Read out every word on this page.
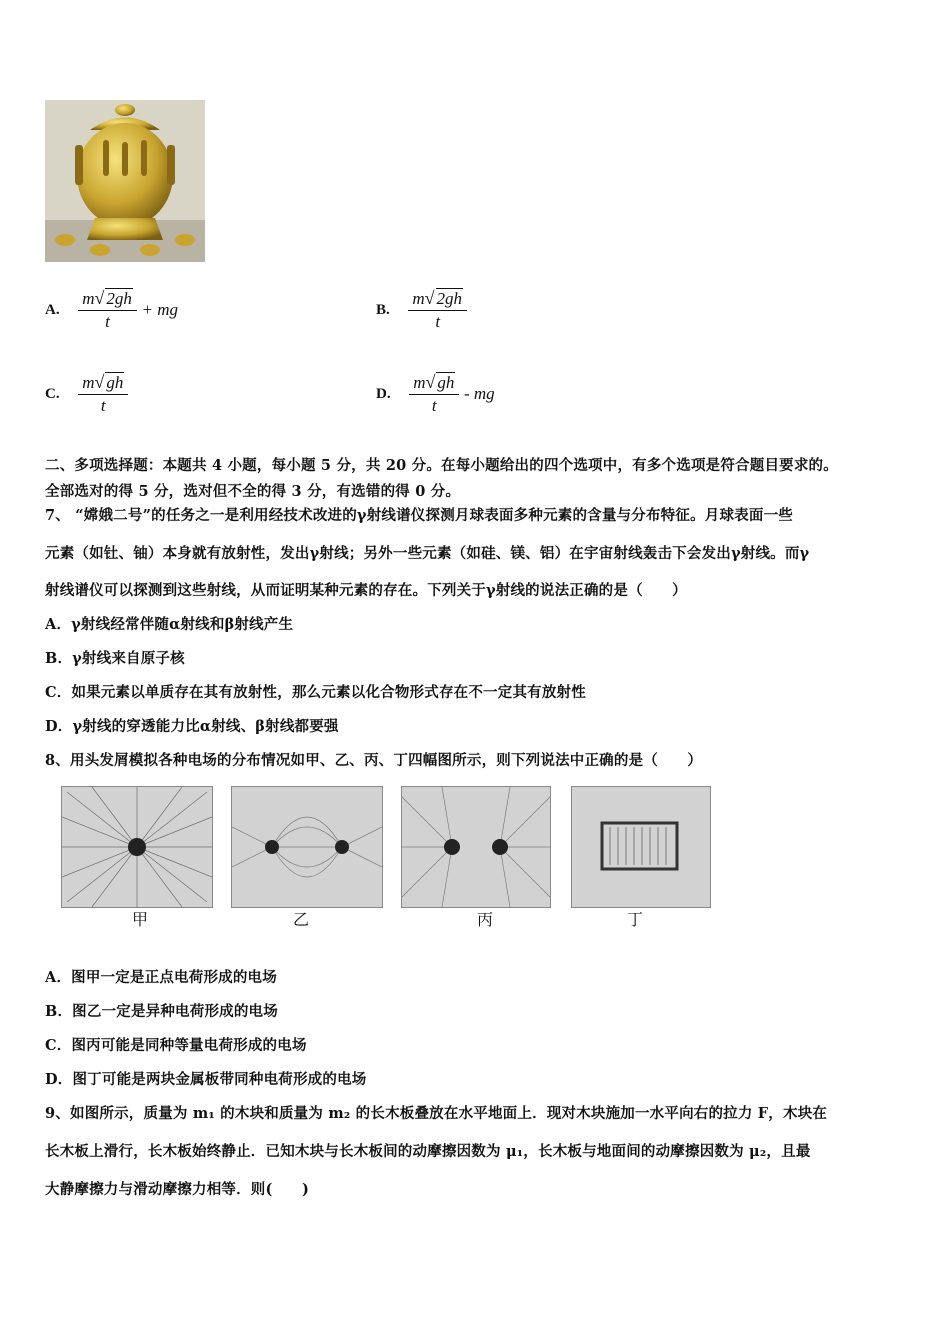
A. $\frac{m√ 2gh}{t}$ + mg	B. $\frac{m√ 2gh}{t}$
C. $\frac{m√ gh}{t}$	D. $\frac{m√ gh}{t}$ - mg
二、多项选择题：本题共 4 小题，每小题 5 分，共 20 分。在每小题给出的四个选项中，有多个选项是符合题目要求的。
全部选对的得 5 分，选对但不全的得 3 分，有选错的得 0 分。
7、 “嫦娥二号”的任务之一是利用经技术改进的γ射线谱仪探测月球表面多种元素的含量与分布特征。月球表面一些
元素（如钍、铀）本身就有放射性，发出γ射线；另外一些元素（如硅、镁、铝）在宇宙射线轰击下会发出γ射线。而γ
射线谱仪可以探测到这些射线，从而证明某种元素的存在。下列关于γ射线的说法正确的是（　　）
A．γ射线经常伴随α射线和β射线产生
B．γ射线来自原子核
C．如果元素以单质存在其有放射性，那么元素以化合物形式存在不一定其有放射性
D．γ射线的穿透能力比α射线、β射线都要强
8、用头发屑模拟各种电场的分布情况如甲、乙、丙、丁四幅图所示，则下列说法中正确的是（　　）
甲	乙	丙	丁
A．图甲一定是正点电荷形成的电场
B．图乙一定是异种电荷形成的电场
C．图丙可能是同种等量电荷形成的电场
D．图丁可能是两块金属板带同种电荷形成的电场
9、如图所示，质量为 m₁ 的木块和质量为 m₂ 的长木板叠放在水平地面上．现对木块施加一水平向右的拉力 F，木块在
长木板上滑行，长木板始终静止．已知木块与长木板间的动摩擦因数为 μ₁，长木板与地面间的动摩擦因数为 μ₂，且最
大静摩擦力与滑动摩擦力相等．则(　　)
